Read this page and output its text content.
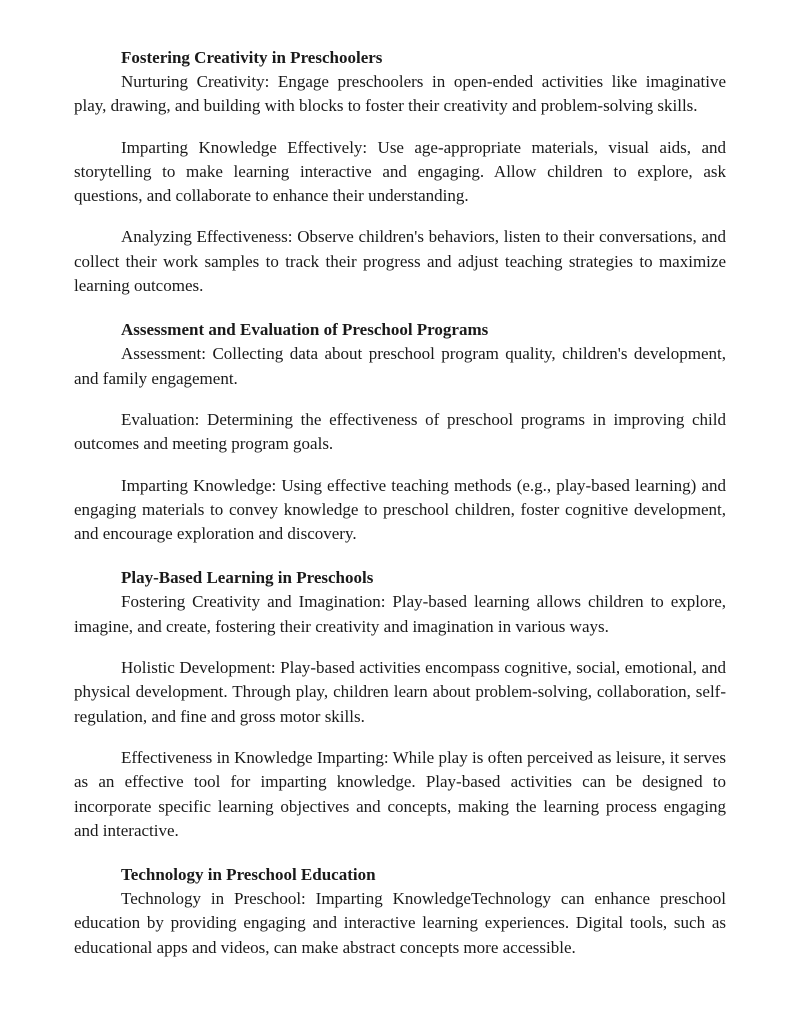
Fostering Creativity in Preschoolers

Nurturing Creativity: Engage preschoolers in open-ended activities like imaginative play, drawing, and building with blocks to foster their creativity and problem-solving skills.

Imparting Knowledge Effectively: Use age-appropriate materials, visual aids, and storytelling to make learning interactive and engaging. Allow children to explore, ask questions, and collaborate to enhance their understanding.

Analyzing Effectiveness: Observe children's behaviors, listen to their conversations, and collect their work samples to track their progress and adjust teaching strategies to maximize learning outcomes.

Assessment and Evaluation of Preschool Programs

Assessment: Collecting data about preschool program quality, children's development, and family engagement.

Evaluation: Determining the effectiveness of preschool programs in improving child outcomes and meeting program goals.

Imparting Knowledge: Using effective teaching methods (e.g., play-based learning) and engaging materials to convey knowledge to preschool children, foster cognitive development, and encourage exploration and discovery.

Play-Based Learning in Preschools

Fostering Creativity and Imagination: Play-based learning allows children to explore, imagine, and create, fostering their creativity and imagination in various ways.

Holistic Development: Play-based activities encompass cognitive, social, emotional, and physical development. Through play, children learn about problem-solving, collaboration, self-regulation, and fine and gross motor skills.

Effectiveness in Knowledge Imparting: While play is often perceived as leisure, it serves as an effective tool for imparting knowledge. Play-based activities can be designed to incorporate specific learning objectives and concepts, making the learning process engaging and interactive.

Technology in Preschool Education

Technology in Preschool: Imparting KnowledgeTechnology can enhance preschool education by providing engaging and interactive learning experiences. Digital tools, such as educational apps and videos, can make abstract concepts more accessible.
